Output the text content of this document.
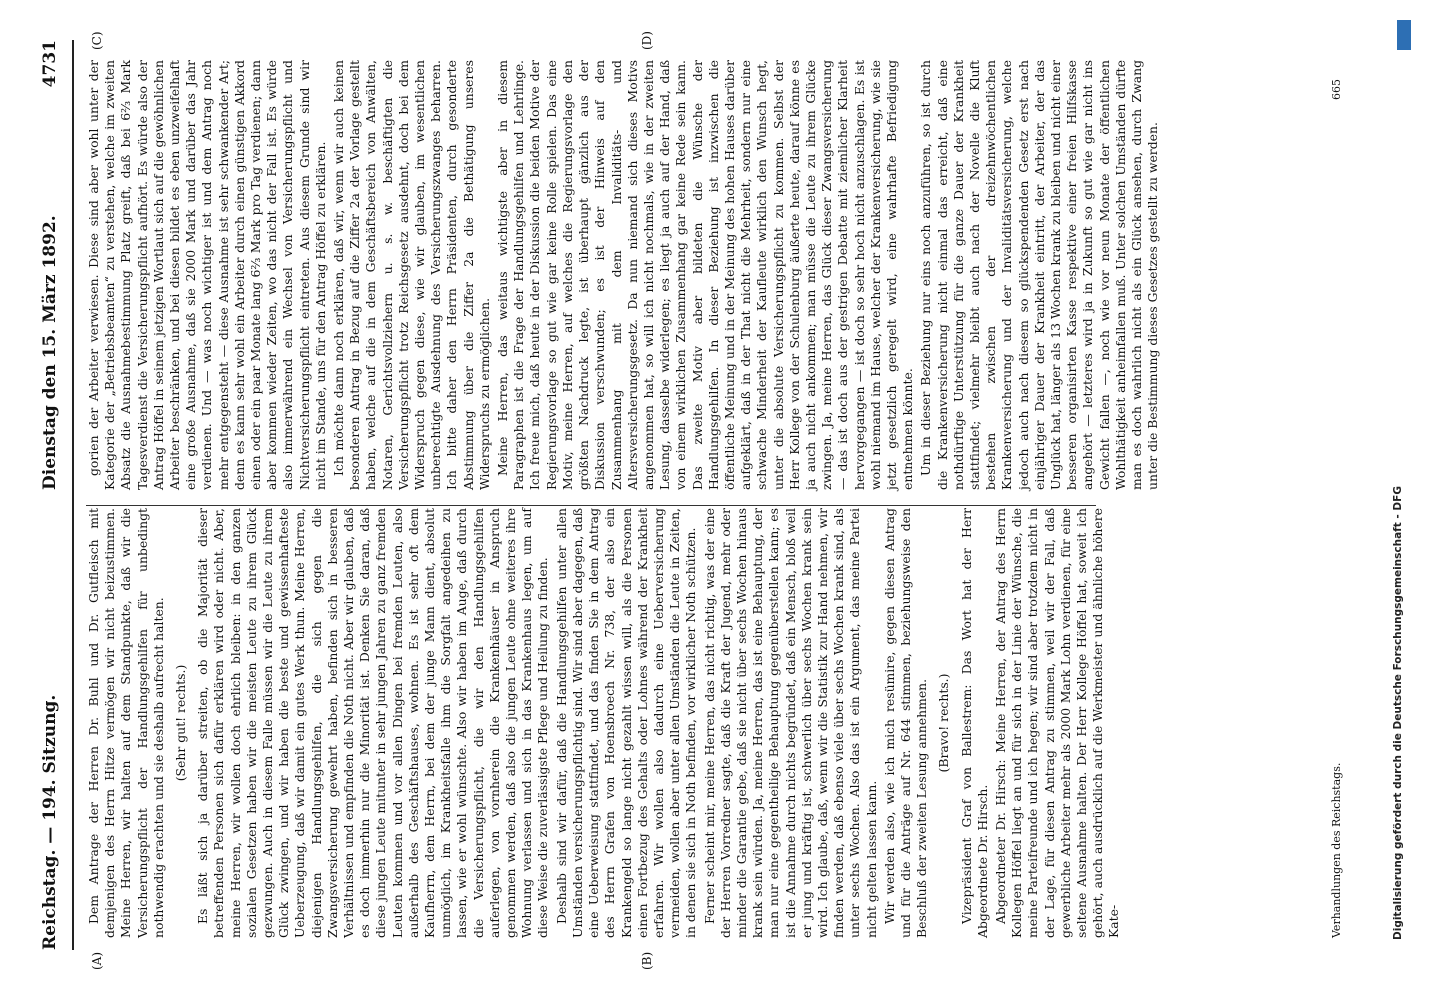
Reichstag. — 194. Sitzung.
Dienstag den 15. März 1892.
4731
(A)	(B)
(C)	(D)

Dem Antrage der Herren Dr. Buhl und Dr. Gutfleisch mit demjenigen des Herrn Hitze vermögen wir nicht beizustimmen. Meine Herren, wir halten auf dem Standpunkte, daß wir die Versicherungspflicht der Handlungsgehilfen für unbedingt nothwendig erachten und sie deshalb aufrecht halten. (Sehr gut! rechts.) Es läßt sich ja darüber streiten, ob die Majorität dieser betreffenden Personen sich dafür erklären wird oder nicht. Aber, meine Herren, wir wollen doch ehrlich bleiben: in den ganzen sozialen Gesetzen haben wir die meisten Leute zu ihrem Glück gezwungen. Auch in diesem Falle müssen wir die Leute zu ihrem Glück zwingen, und wir haben die beste und gewissenhafteste Ueberzeugung, daß wir damit ein gutes Werk thun. Meine Herren, diejenigen Handlungsgehilfen, die sich gegen die Zwangsversicherung gewehrt haben, befinden sich in besseren Verhältnissen und empfinden die Noth nicht. Aber wir glauben, daß es doch immerhin nur die Minorität ist. Denken Sie daran, daß diese jungen Leute mitunter in sehr jungen Jahren zu ganz fremden Leuten kommen und vor allen Dingen bei fremden Leuten, also außerhalb des Geschäftshauses, wohnen. Es ist sehr oft dem Kaufherrn, dem Herrn, bei dem der junge Mann dient, absolut unmöglich, im Krankheitsfalle ihm die Sorgfalt angedeihen zu lassen, wie er wohl wünschte. Also wir haben im Auge, daß durch die Versicherungspflicht, die wir den Handlungsgehilfen auferlegen, von vornherein die Krankenhäuser in Anspruch genommen werden, daß also die jungen Leute ohne weiteres ihre Wohnung verlassen und sich in das Krankenhaus legen, um auf diese Weise die zuverlässigste Pflege und Heilung zu finden. Deshalb sind wir dafür, daß die Handlungsgehilfen unter allen Umständen versicherungspflichtig sind. Wir sind aber dagegen, daß eine Ueberweisung stattfindet, und das finden Sie in dem Antrag des Herrn Grafen von Hoensbroech Nr. 738, der also ein Krankengeld so lange nicht gezahlt wissen will, als die Personen einen Fortbezug des Gehalts oder Lohnes während der Krankheit erfahren. Wir wollen also dadurch eine Ueberversicherung vermeiden, wollen aber unter allen Umständen die Leute in Zeiten, in denen sie sich in Noth befinden, vor wirklicher Noth schützen. Ferner scheint mir, meine Herren, das nicht richtig, was der eine der Herren Vorredner sagte, daß die Kraft der Jugend, mehr oder minder die Garantie gebe, daß sie nicht über sechs Wochen hinaus krank sein würden. Ja, meine Herren, das ist eine Behauptung, der man nur eine gegentheilige Behauptung gegenüberstellen kann; es ist die Annahme durch nichts begründet, daß ein Mensch, bloß weil er jung und kräftig ist, schwerlich über sechs Wochen krank sein wird. Ich glaube, daß, wenn wir die Statistik zur Hand nehmen, wir finden werden, daß ebenso viele über sechs Wochen krank sind, als unter sechs Wochen. Also das ist ein Argument, das meine Partei nicht gelten lassen kann. Wir werden also, wie ich mich resümire, gegen diesen Antrag und für die Anträge auf Nr. 644 stimmen, beziehungsweise den Beschluß der zweiten Lesung annehmen. (Bravo! rechts.) Vizepräsident Graf von Ballestrem: Das Wort hat der Herr Abgeordnete Dr. Hirsch. Abgeordneter Dr. Hirsch: Meine Herren, der Antrag des Herrn Kollegen Höffel liegt an und für sich in der Linie der Wünsche, die meine Parteifreunde und ich hegen; wir sind aber trotzdem nicht in der Lage, für diesen Antrag zu stimmen, weil wir der Fall, daß gewerbliche Arbeiter mehr als 2000 Mark Lohn verdienen, für eine seltene Ausnahme halten. Der Herr Kollege Höffel hat, soweit ich gehört, auch ausdrücklich auf die Werkmeister und ähnliche höhere Kate-

gorien der Arbeiter verwiesen. Diese sind aber wohl unter der Kategorie der „Betriebsbeamten“ zu verstehen, welche im zweiten Absatz die Ausnahmebestimmung Platz greift, daß bei 6⅔ Mark Tagesverdienst die Versicherungspflicht aufhört. Es würde also der Antrag Höffel in seinem jetzigen Wortlaut sich auf die gewöhnlichen Arbeiter beschränken, und bei diesen bildet es eben unzweifelhaft eine große Ausnahme, daß sie 2000 Mark und darüber das Jahr verdienen. Und — was noch wichtiger ist und dem Antrag noch mehr entgegensteht — diese Ausnahme ist sehr schwankender Art; denn es kann sehr wohl ein Arbeiter durch einen günstigen Akkord einen oder ein paar Monate lang 6⅔ Mark pro Tag verdienen; dann aber kommen wieder Zeiten, wo das nicht der Fall ist. Es würde also immerwährend ein Wechsel von Versicherungspflicht und Nichtversicherungspflicht eintreten. Aus diesem Grunde sind wir nicht im Stande, uns für den Antrag Höffel zu erklären. Ich möchte dann noch erklären, daß wir, wenn wir auch keinen besonderen Antrag in Bezug auf die Ziffer 2a der Vorlage gestellt haben, welche auf die in dem Geschäftsbereich von Anwälten, Notaren, Gerichtsvollziehern u. s. w. beschäftigten die Versicherungspflicht trotz Reichsgesetz ausdehnt, doch bei dem Widerspruch gegen diese, wie wir glauben, im wesentlichen unberechtigte Ausdehnung des Versicherungszwanges beharren. Ich bitte daher den Herrn Präsidenten, durch gesonderte Abstimmung über die Ziffer 2a die Bethätigung unseres Widerspruchs zu ermöglichen. Meine Herren, das weitaus wichtigste aber in diesem Paragraphen ist die Frage der Handlungsgehilfen und Lehrlinge. Ich freue mich, daß heute in der Diskussion die beiden Motive der Regierungsvorlage so gut wie gar keine Rolle spielen. Das eine Motiv, meine Herren, auf welches die Regierungsvorlage den größten Nachdruck legte, ist überhaupt gänzlich aus der Diskussion verschwunden; es ist der Hinweis auf den Zusammenhang mit dem Invaliditäts- und Altersversicherungsgesetz. Da nun niemand sich dieses Motivs angenommen hat, so will ich nicht nochmals, wie in der zweiten Lesung, dasselbe widerlegen; es liegt ja auch auf der Hand, daß von einem wirklichen Zusammenhang gar keine Rede sein kann. Das zweite Motiv aber bildeten die Wünsche der Handlungsgehilfen. In dieser Beziehung ist inzwischen die öffentliche Meinung und in der Meinung des hohen Hauses darüber aufgeklärt, daß in der That nicht die Mehrheit, sondern nur eine schwache Minderheit der Kaufleute wirklich den Wunsch hegt, unter die absolute Versicherungspflicht zu kommen. Selbst der Herr Kollege von der Schulenburg äußerte heute, darauf könne es ja auch nicht ankommen; man müsse die Leute zu ihrem Glücke zwingen. Ja, meine Herren, das Glück dieser Zwangsversicherung — das ist doch aus der gestrigen Debatte mit ziemlicher Klarheit hervorgegangen — ist doch so sehr hoch nicht anzuschlagen. Es ist wohl niemand im Hause, welcher der Krankenversicherung, wie sie jetzt gesetzlich geregelt wird, eine wahrhafte Befriedigung entnehmen könnte. Um in dieser Beziehung nur eins noch anzuführen, so ist durch die Krankenversicherung nicht einmal das erreicht, daß eine nothdürftige Unterstützung für die ganze Dauer der Krankheit stattfindet; vielmehr bleibt auch nach der Novelle die Kluft bestehen zwischen der dreizehnwöchentlichen Krankenversicherung und der Invaliditätsversicherung, welche jedoch auch nach diesem so glückspendenden Gesetz erst nach einjähriger Dauer der Krankheit eintritt, der Arbeiter, der das Unglück hat, länger als 13 Wochen krank zu bleiben und nicht einer besseren organisirten Kasse respektive einer freien Hilfskasse angehört — letzteres wird ja in Zukunft so gut wie gar nicht ins Gewicht fallen —, noch wie vor neun Monate der öffentlichen Wohlthätigkeit anheimfallen muß. Unter solchen Umständen dürfte man es doch wahrlich nicht als ein Glück ansehen, durch Zwang unter die Bestimmung dieses Gesetzes gestellt zu werden.

Verhandlungen des Reichstags.
665
Digitalisierung gefördert durch die Deutsche Forschungsgemeinschaft - DFG
